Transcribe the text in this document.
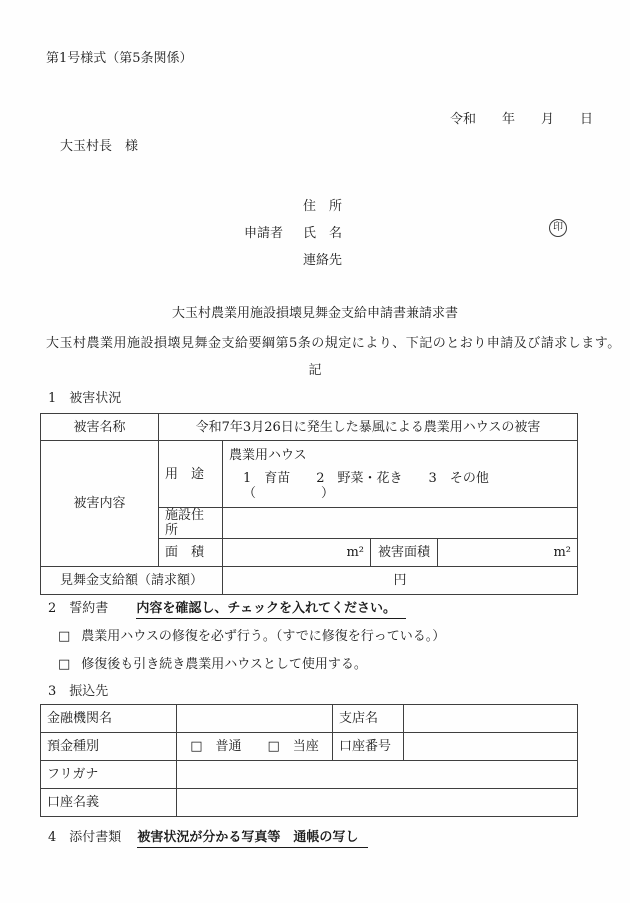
第1号様式（第5条関係）
令和　　年　　月　　日
大玉村長　様
住　所
申請者 氏　名	印
連絡先
大玉村農業用施設損壊見舞金支給申請書兼請求書
大玉村農業用施設損壊見舞金支給要綱第5条の規定により、下記のとおり申請及び請求します。
記
1　被害状況
被害名称	令和7年3月26日に発生した暴風による農業用ハウスの被害			
被害内容	用　途	農業用ハウス
1　育苗　　2　野菜・花き　　3　その他（　　　　　）		

	施設住所			
	面　積	m²	被害面積	m²
見舞金支給額（請求額）		円		
2　誓約書 内容を確認し、チェックを入れてください。
□ 農業用ハウスの修復を必ず行う。（すでに修復を行っている。）
□ 修復後も引き続き農業用ハウスとして使用する。
3　振込先
金融機関名		支店名	
預金種別	□　普通　　□　当座	口座番号	
フリガナ			
口座名義			
4　添付書類 被害状況が分かる写真等　通帳の写し
